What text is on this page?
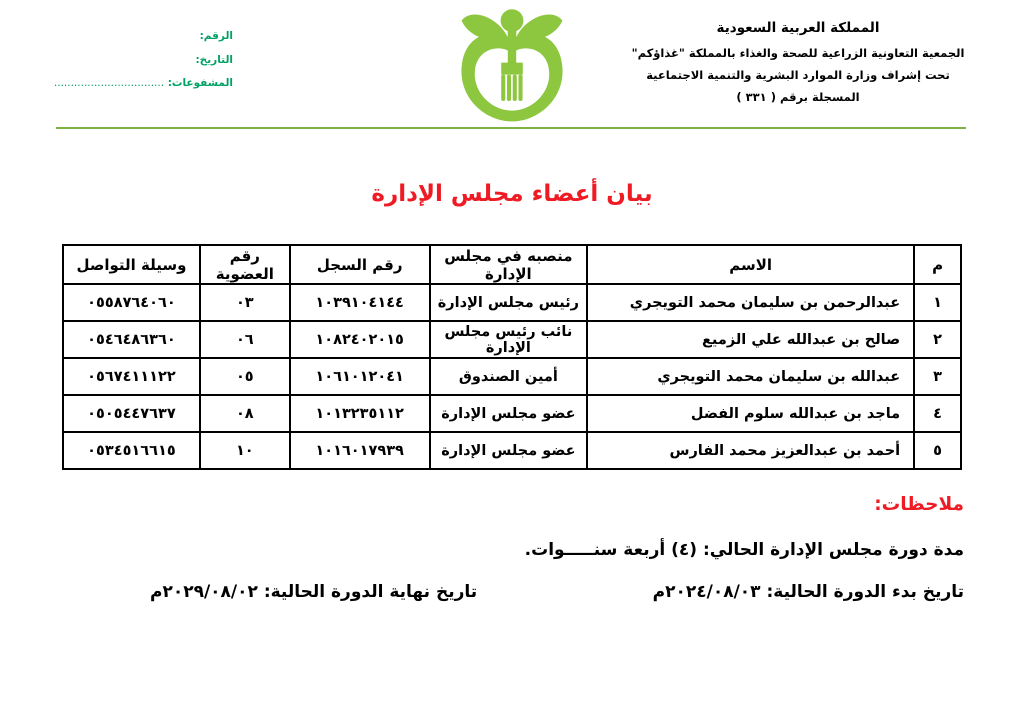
المملكة العربية السعودية
الجمعية التعاونية الزراعية للصحة والغذاء بالمملكة "غذاؤكم"
تحت إشراف وزارة الموارد البشرية والتنمية الاجتماعية
المسجلة برقم ( ٣٣١ )
الرقم:
التاريخ:
المشفوعات: .................................
بيان أعضاء مجلس الإدارة
م	الاسم	منصبه في مجلس الإدارة	رقم السجل	رقم العضوية	وسيلة التواصل
١	عبدالرحمن بن سليمان محمد التويجري	رئيس مجلس الإدارة	١٠٣٩١٠٤١٤٤	٠٣	٠٥٥٨٧٦٤٠٦٠
٢	صالح بن عبدالله علي الزميع	نائب رئيس مجلس الإدارة	١٠٨٢٤٠٢٠١٥	٠٦	٠٥٤٦٤٨٦٣٦٠
٣	عبدالله بن سليمان محمد التويجري	أمين الصندوق	١٠٦١٠١٢٠٤١	٠٥	٠٥٦٧٤١١١٢٢
٤	ماجد بن عبدالله سلوم الفضل	عضو مجلس الإدارة	١٠١٣٢٣٥١١٢	٠٨	٠٥٠٥٤٤٧٦٣٧
٥	أحمد بن عبدالعزيز محمد الفارس	عضو مجلس الإدارة	١٠١٦٠١٧٩٣٩	١٠	٠٥٣٤٥١٦٦١٥
ملاحظات:
مدة دورة مجلس الإدارة الحالي: (٤) أربعة سنـــــوات.
تاريخ بدء الدورة الحالية: ٢٠٢٤/٠٨/٠٣م
تاريخ نهاية الدورة الحالية: ٢٠٢٩/٠٨/٠٢م
